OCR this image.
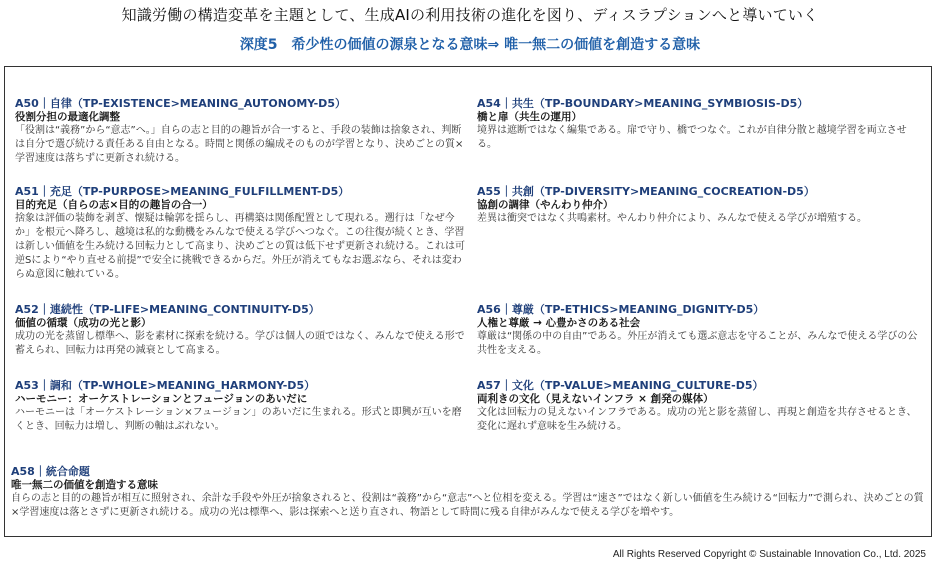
知識労働の構造変革を主題として、生成AIの利用技術の進化を図り、ディスラプションへと導いていく
深度5　希少性の価値の源泉となる意味⇒ 唯一無二の価値を創造する意味
A50｜自律（TP-EXISTENCE>MEANING_AUTONOMY-D5）
役割分担の最適化調整
「役割は“義務”から“意志”へ。」自らの志と目的の趣旨が合一すると、手段の装飾は捨象され、判断は自分で選び続ける責任ある自由となる。時間と関係の編成そのものが学習となり、決めごとの質×学習速度は落ちずに更新され続ける。
A51｜充足（TP-PURPOSE>MEANING_FULFILLMENT-D5）
目的充足（自らの志×目的の趣旨の合一）
捨象は評価の装飾を剥ぎ、懐疑は輪郭を揺らし、再構築は関係配置として現れる。遡行は「なぜ今か」を根元へ降ろし、越境は私的な動機をみんなで使える学びへつなぐ。この往復が続くとき、学習は新しい価値を生み続ける回転力として高まり、決めごとの質は低下せず更新され続ける。これは可逆Sにより“やり直せる前提”で安全に挑戦できるからだ。外圧が消えてもなお選ぶなら、それは変わらぬ意図に触れている。
A52｜連続性（TP-LIFE>MEANING_CONTINUITY-D5）
価値の循環（成功の光と影）
成功の光を蒸留し標準へ、影を素材に探索を続ける。学びは個人の頭ではなく、みんなで使える形で蓄えられ、回転力は再発の減衰として高まる。
A53｜調和（TP-WHOLE>MEANING_HARMONY-D5）
ハーモニー：オーケストレーションとフュージョンのあいだに
ハーモニーは「オーケストレーション×フュージョン」のあいだに生まれる。形式と即興が互いを磨くとき、回転力は増し、判断の軸はぶれない。
A54｜共生（TP-BOUNDARY>MEANING_SYMBIOSIS-D5）
橋と扉（共生の運用）
境界は遮断ではなく編集である。扉で守り、橋でつなぐ。これが自律分散と越境学習を両立させる。
A55｜共創（TP-DIVERSITY>MEANING_COCREATION-D5）
協創の調律（やんわり仲介）
差異は衝突ではなく共鳴素材。やんわり仲介により、みんなで使える学びが増殖する。
A56｜尊厳（TP-ETHICS>MEANING_DIGNITY-D5）
人権と尊厳 → 心豊かさのある社会
尊厳は“関係の中の自由”である。外圧が消えても選ぶ意志を守ることが、みんなで使える学びの公共性を支える。
A57｜文化（TP-VALUE>MEANING_CULTURE-D5）
両利きの文化（見えないインフラ × 創発の媒体）
文化は回転力の見えないインフラである。成功の光と影を蒸留し、再現と創造を共存させるとき、変化に遅れず意味を生み続ける。
A58｜統合命題
唯一無二の価値を創造する意味
自らの志と目的の趣旨が相互に照射され、余計な手段や外圧が捨象されると、役割は“義務”から“意志”へと位相を変える。学習は“速さ”ではなく新しい価値を生み続ける“回転力”で測られ、決めごとの質×学習速度は落とさずに更新され続ける。成功の光は標準へ、影は探索へと送り直され、物語として時間に残る自律がみんなで使える学びを増やす。
All Rights Reserved Copyright © Sustainable Innovation Co., Ltd. 2025
